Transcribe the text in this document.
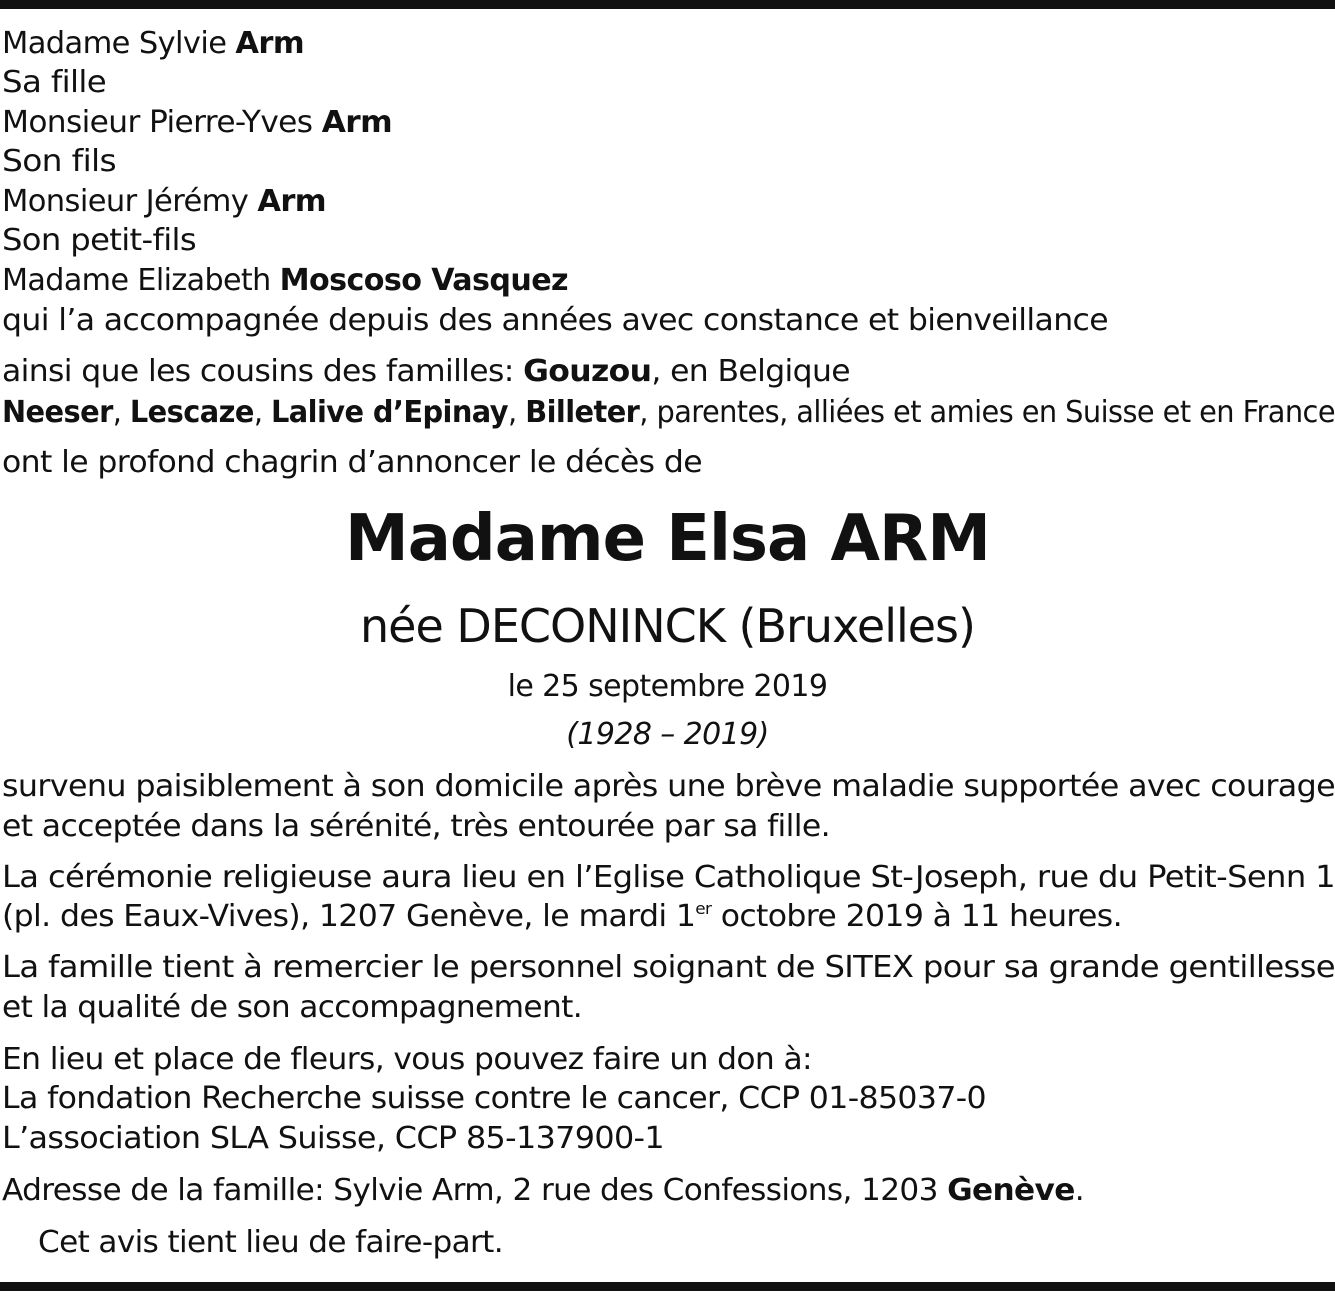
Madame Sylvie Arm
Sa fille
Monsieur Pierre-Yves Arm
Son fils
Monsieur Jérémy Arm
Son petit-fils
Madame Elizabeth Moscoso Vasquez
qui l’a accompagnée depuis des années avec constance et bienveillance
ainsi que les cousins des familles: Gouzou, en Belgique
Neeser, Lescaze, Lalive d’Epinay, Billeter, parentes, alliées et amies en Suisse et en France
ont le profond chagrin d’annoncer le décès de
Madame Elsa ARM
née DECONINCK (Bruxelles)
le 25 septembre 2019
(1928 – 2019)
survenu paisiblement à son domicile après une brève maladie supportée avec courage
et acceptée dans la sérénité, très entourée par sa fille.
La cérémonie religieuse aura lieu en l’Eglise Catholique St-Joseph, rue du Petit-Senn 1
(pl. des Eaux-Vives), 1207 Genève, le mardi 1er octobre 2019 à 11 heures.
La famille tient à remercier le personnel soignant de SITEX pour sa grande gentillesse
et la qualité de son accompagnement.
En lieu et place de fleurs, vous pouvez faire un don à:
La fondation Recherche suisse contre le cancer, CCP 01-85037-0
L’association SLA Suisse, CCP 85-137900-1
Adresse de la famille: Sylvie Arm, 2 rue des Confessions, 1203 Genève.
Cet avis tient lieu de faire-part.
